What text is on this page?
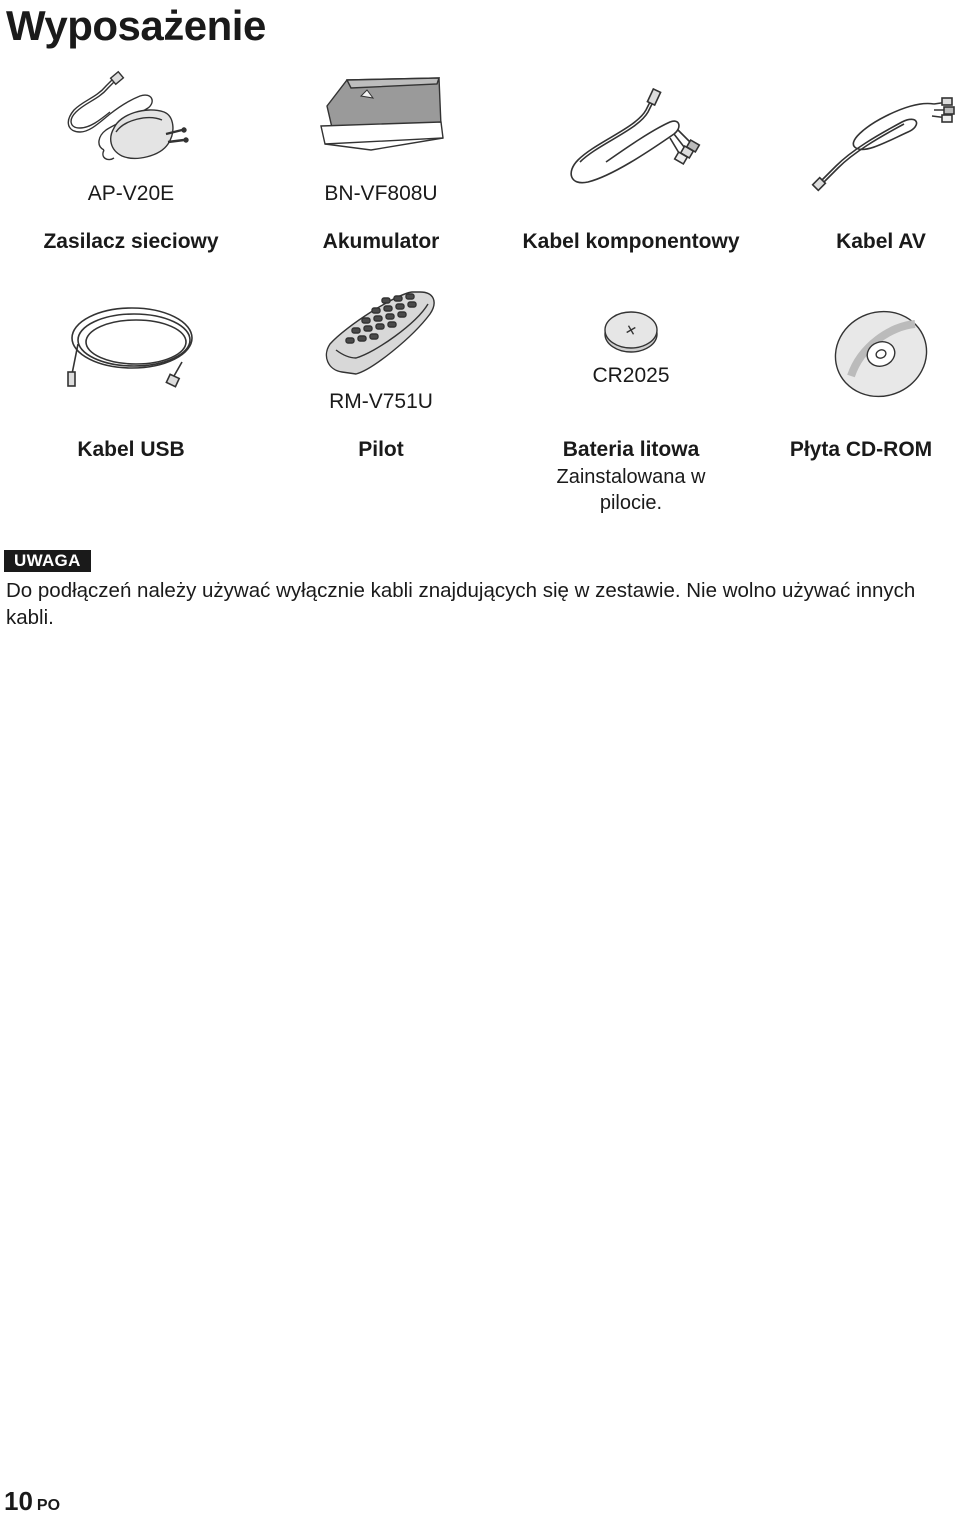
Wyposażenie
AP-V20E
Zasilacz sieciowy
BN-VF808U
Akumulator	Kabel komponentowy	Kabel AV
Kabel USB
RM-V751U
Pilot
CR2025
Bateria litowa
Zainstalowana w pilocie.
Płyta CD-ROM
UWAGA

Do podłączeń należy używać wyłącznie kabli znajdujących się w zestawie. Nie wolno używać innych kabli.

10 PO
